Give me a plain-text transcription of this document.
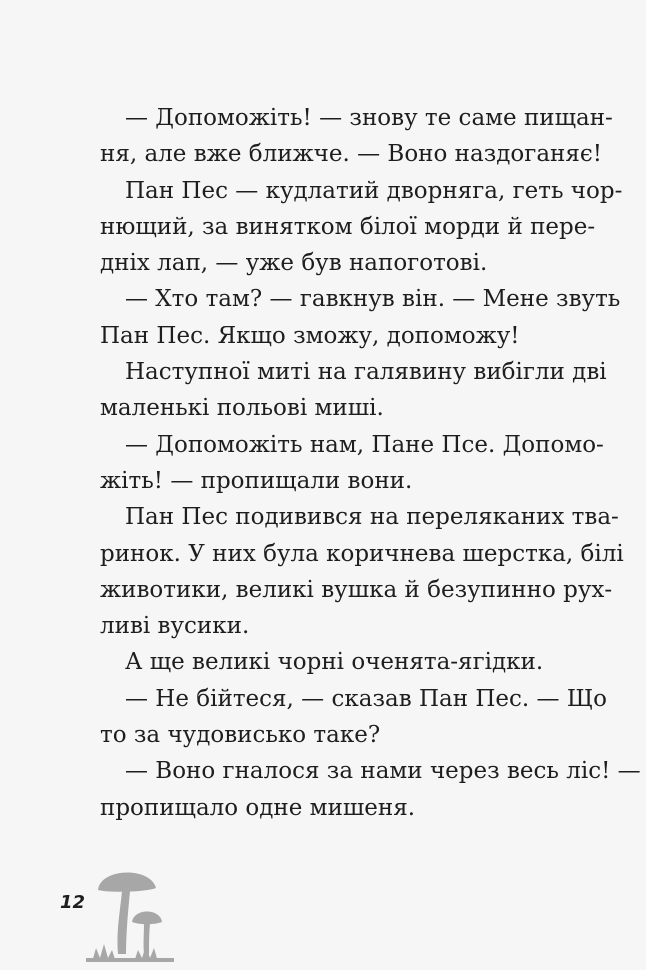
— Допоможіть! — знову те саме пищан-
ня, але вже ближче. — Воно наздоганяє!
Пан Пес — кудлатий дворняга, геть чор-
нющий, за винятком білої морди й пере-
дніх лап, — уже був напоготові.
— Хто там? — гавкнув він. — Мене звуть
Пан Пес. Якщо зможу, допоможу!
Наступної миті на галявину вибігли дві
маленькі польові миші.
— Допоможіть нам, Пане Псе. Допомо-
жіть! — пропищали вони.
Пан Пес подивився на переляканих тва-
ринок. У них була коричнева шерстка, білі
животики, великі вушка й безупинно рух-
ливі вусики.
А ще великі чорні оченята-ягідки.
— Не бійтеся, — сказав Пан Пес. — Що
то за чудовисько таке?
— Воно гналося за нами через весь ліс! —
пропищало одне мишеня.
12
